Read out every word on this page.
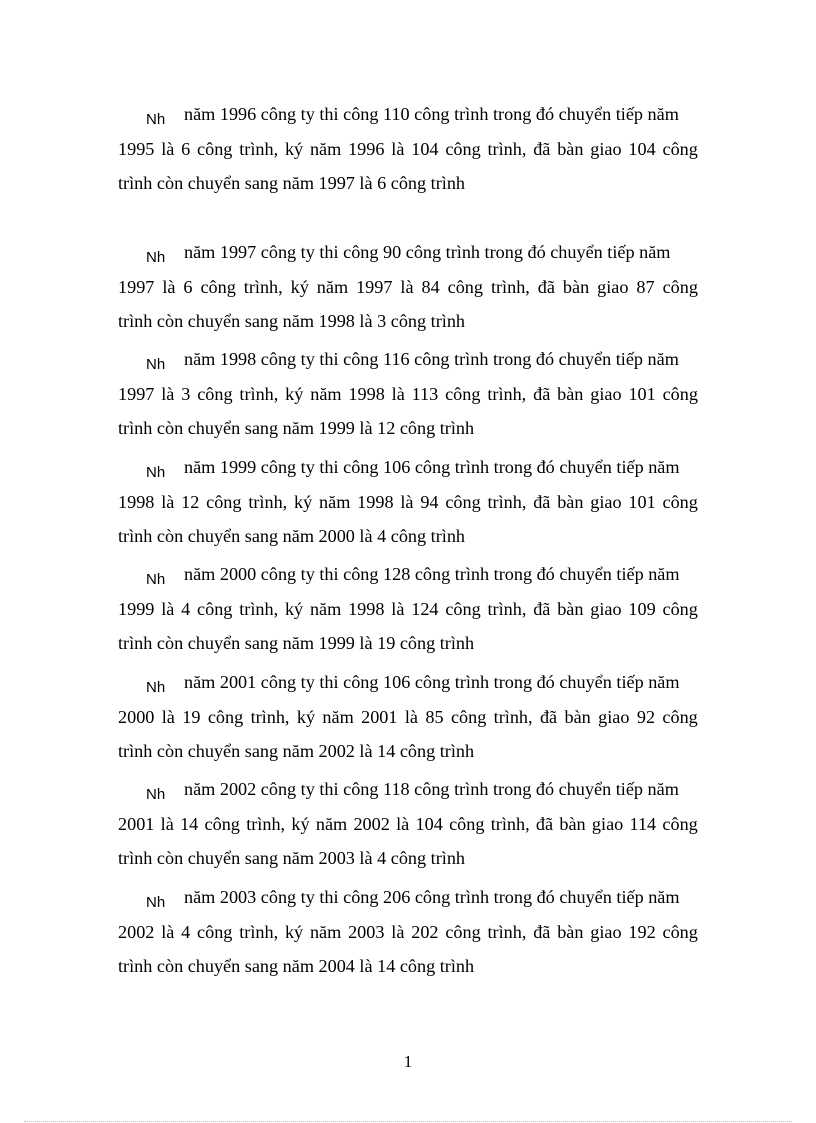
Nh năm 1996 công ty thi công 110 công trình trong đó chuyển tiếp năm
1995 là 6 công trình, ký năm 1996 là 104 công trình, đã bàn giao 104 công
trình còn chuyển sang năm 1997 là 6 công trình
Nh năm 1997 công ty thi công 90 công trình trong đó chuyển tiếp năm
1997 là 6 công trình, ký năm 1997 là 84 công trình, đã bàn giao 87 công
trình còn chuyển sang năm 1998 là 3 công trình
Nh năm 1998 công ty thi công 116 công trình trong đó chuyển tiếp năm
1997 là 3 công trình, ký năm 1998 là 113 công trình, đã bàn giao 101 công
trình còn chuyển sang năm 1999 là 12 công trình
Nh năm 1999 công ty thi công 106 công trình trong đó chuyển tiếp năm
1998 là 12 công trình, ký năm 1998 là 94 công trình, đã bàn giao 101 công
trình còn chuyển sang năm 2000 là 4 công trình
Nh năm 2000 công ty thi công 128 công trình trong đó chuyển tiếp năm
1999 là 4 công trình, ký năm 1998 là 124 công trình, đã bàn giao 109 công
trình còn chuyển sang năm 1999 là 19 công trình
Nh năm 2001 công ty thi công 106 công trình trong đó chuyển tiếp năm
2000 là 19 công trình, ký năm 2001 là 85 công trình, đã bàn giao 92 công
trình còn chuyển sang năm 2002 là 14 công trình
Nh năm 2002 công ty thi công 118 công trình trong đó chuyển tiếp năm
2001 là 14 công trình, ký năm 2002 là 104 công trình, đã bàn giao 114 công
trình còn chuyển sang năm 2003 là 4 công trình
Nh năm 2003 công ty thi công 206 công trình trong đó chuyển tiếp năm
2002 là 4 công trình, ký năm 2003 là 202 công trình, đã bàn giao 192 công
trình còn chuyển sang năm 2004 là 14 công trình
1
